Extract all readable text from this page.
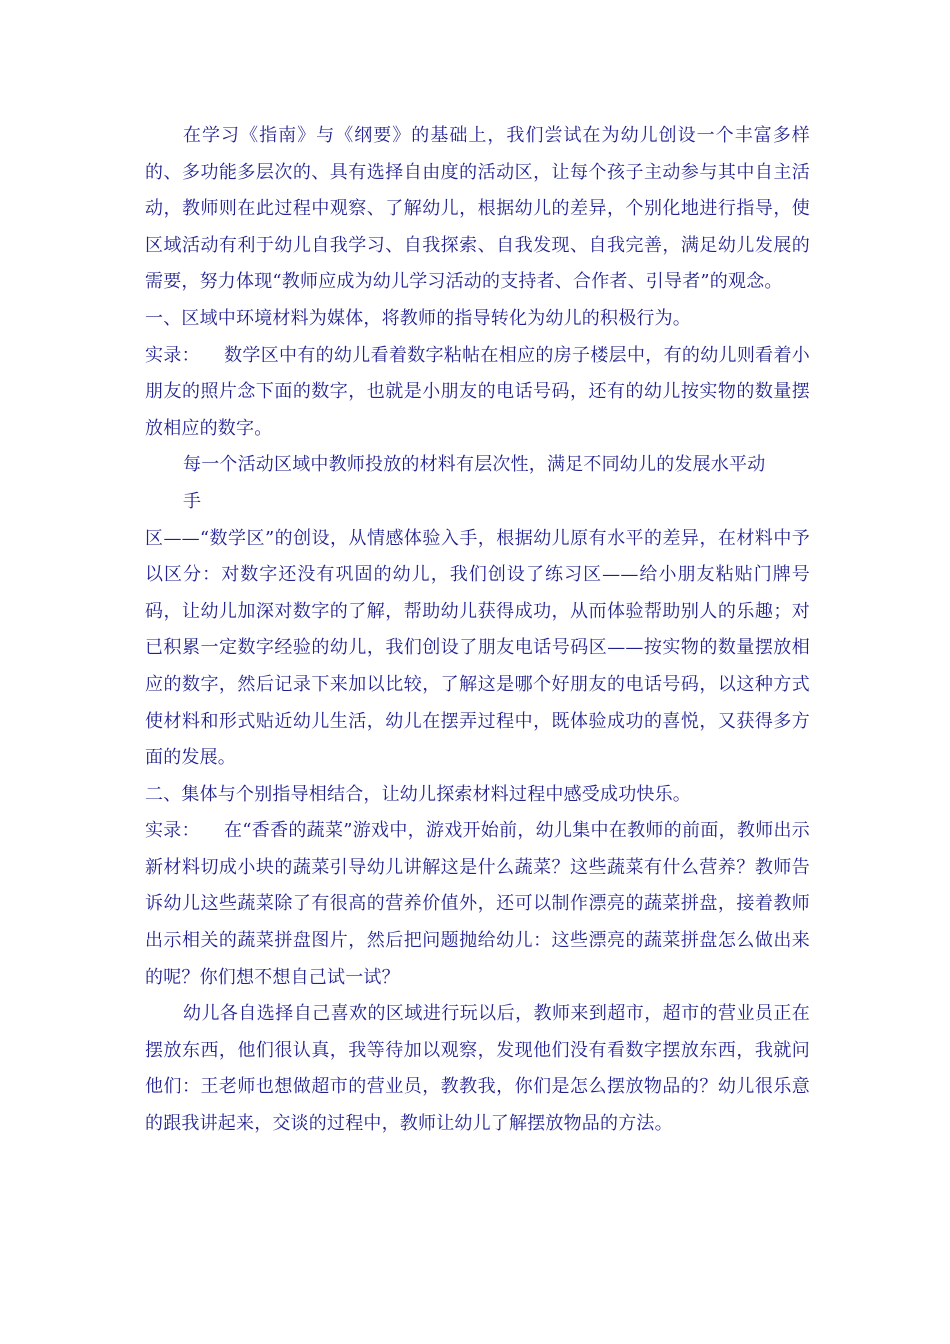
在学习《指南》与《纲要》的基础上，我们尝试在为幼儿创设一个丰富多样的、多功能多层次的、具有选择自由度的活动区，让每个孩子主动参与其中自主活动，教师则在此过程中观察、了解幼儿，根据幼儿的差异，个别化地进行指导，使区域活动有利于幼儿自我学习、自我探索、自我发现、自我完善，满足幼儿发展的需要，努力体现“教师应成为幼儿学习活动的支持者、合作者、引导者”的观念。

一、区域中环境材料为媒体，将教师的指导转化为幼儿的积极行为。

实录： 数学区中有的幼儿看着数字粘帖在相应的房子楼层中，有的幼儿则看着小朋友的照片念下面的数字，也就是小朋友的电话号码，还有的幼儿按实物的数量摆放相应的数字。

每一个活动区域中教师投放的材料有层次性，满足不同幼儿的发展水平动

手

区——“数学区”的创设，从情感体验入手，根据幼儿原有水平的差异，在材料中予以区分：对数字还没有巩固的幼儿，我们创设了练习区——给小朋友粘贴门牌号码，让幼儿加深对数字的了解，帮助幼儿获得成功，从而体验帮助别人的乐趣；对已积累一定数字经验的幼儿，我们创设了朋友电话号码区——按实物的数量摆放相应的数字，然后记录下来加以比较，了解这是哪个好朋友的电话号码，以这种方式使材料和形式贴近幼儿生活，幼儿在摆弄过程中，既体验成功的喜悦，又获得多方面的发展。

二、集体与个别指导相结合，让幼儿探索材料过程中感受成功快乐。

实录： 在“香香的蔬菜”游戏中，游戏开始前，幼儿集中在教师的前面，教师出示新材料切成小块的蔬菜引导幼儿讲解这是什么蔬菜？这些蔬菜有什么营养？教师告诉幼儿这些蔬菜除了有很高的营养价值外，还可以制作漂亮的蔬菜拼盘，接着教师出示相关的蔬菜拼盘图片，然后把问题抛给幼儿：这些漂亮的蔬菜拼盘怎么做出来的呢？你们想不想自己试一试？

幼儿各自选择自己喜欢的区域进行玩以后，教师来到超市，超市的营业员正在摆放东西，他们很认真，我等待加以观察，发现他们没有看数字摆放东西，我就问他们：王老师也想做超市的营业员，教教我，你们是怎么摆放物品的？幼儿很乐意的跟我讲起来，交谈的过程中，教师让幼儿了解摆放物品的方法。
